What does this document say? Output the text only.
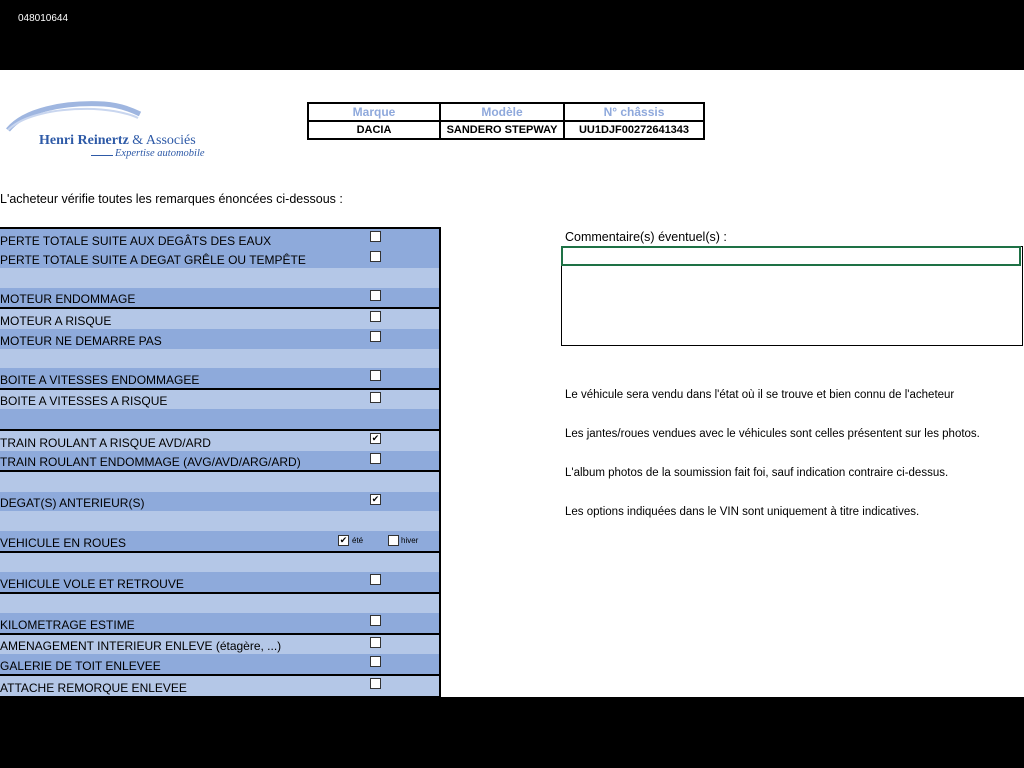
048010644
Henri Reinertz & Associés
Expertise automobile
Marque	Modèle	N° châssis
DACIA	SANDERO STEPWAY	UU1DJF00272641343
L'acheteur vérifie toutes les remarques énoncées ci-dessous :
PERTE TOTALE SUITE AUX DEGÂTS DES EAUX
PERTE TOTALE SUITE A DEGAT GRÊLE OU TEMPÊTE
MOTEUR ENDOMMAGE
MOTEUR A RISQUE
MOTEUR NE DEMARRE PAS
BOITE A VITESSES ENDOMMAGEE
BOITE A VITESSES A RISQUE
TRAIN ROULANT A RISQUE AVD/ARD	✔
TRAIN ROULANT ENDOMMAGE (AVG/AVD/ARG/ARD)
DEGAT(S) ANTERIEUR(S)	✔
VEHICULE EN ROUES	✔ été	hiver
VEHICULE VOLE ET RETROUVE
KILOMETRAGE ESTIME
AMENAGEMENT INTERIEUR ENLEVE (étagère, ...)
GALERIE DE TOIT ENLEVEE
ATTACHE REMORQUE ENLEVEE
Commentaire(s) éventuel(s) :
Le véhicule sera vendu dans l'état où il se trouve et bien connu de l'acheteur
Les jantes/roues vendues avec le véhicules sont celles présentent sur les photos.
L'album photos de la soumission fait foi, sauf indication contraire ci-dessus.
Les options indiquées dans le VIN sont uniquement à titre indicatives.
